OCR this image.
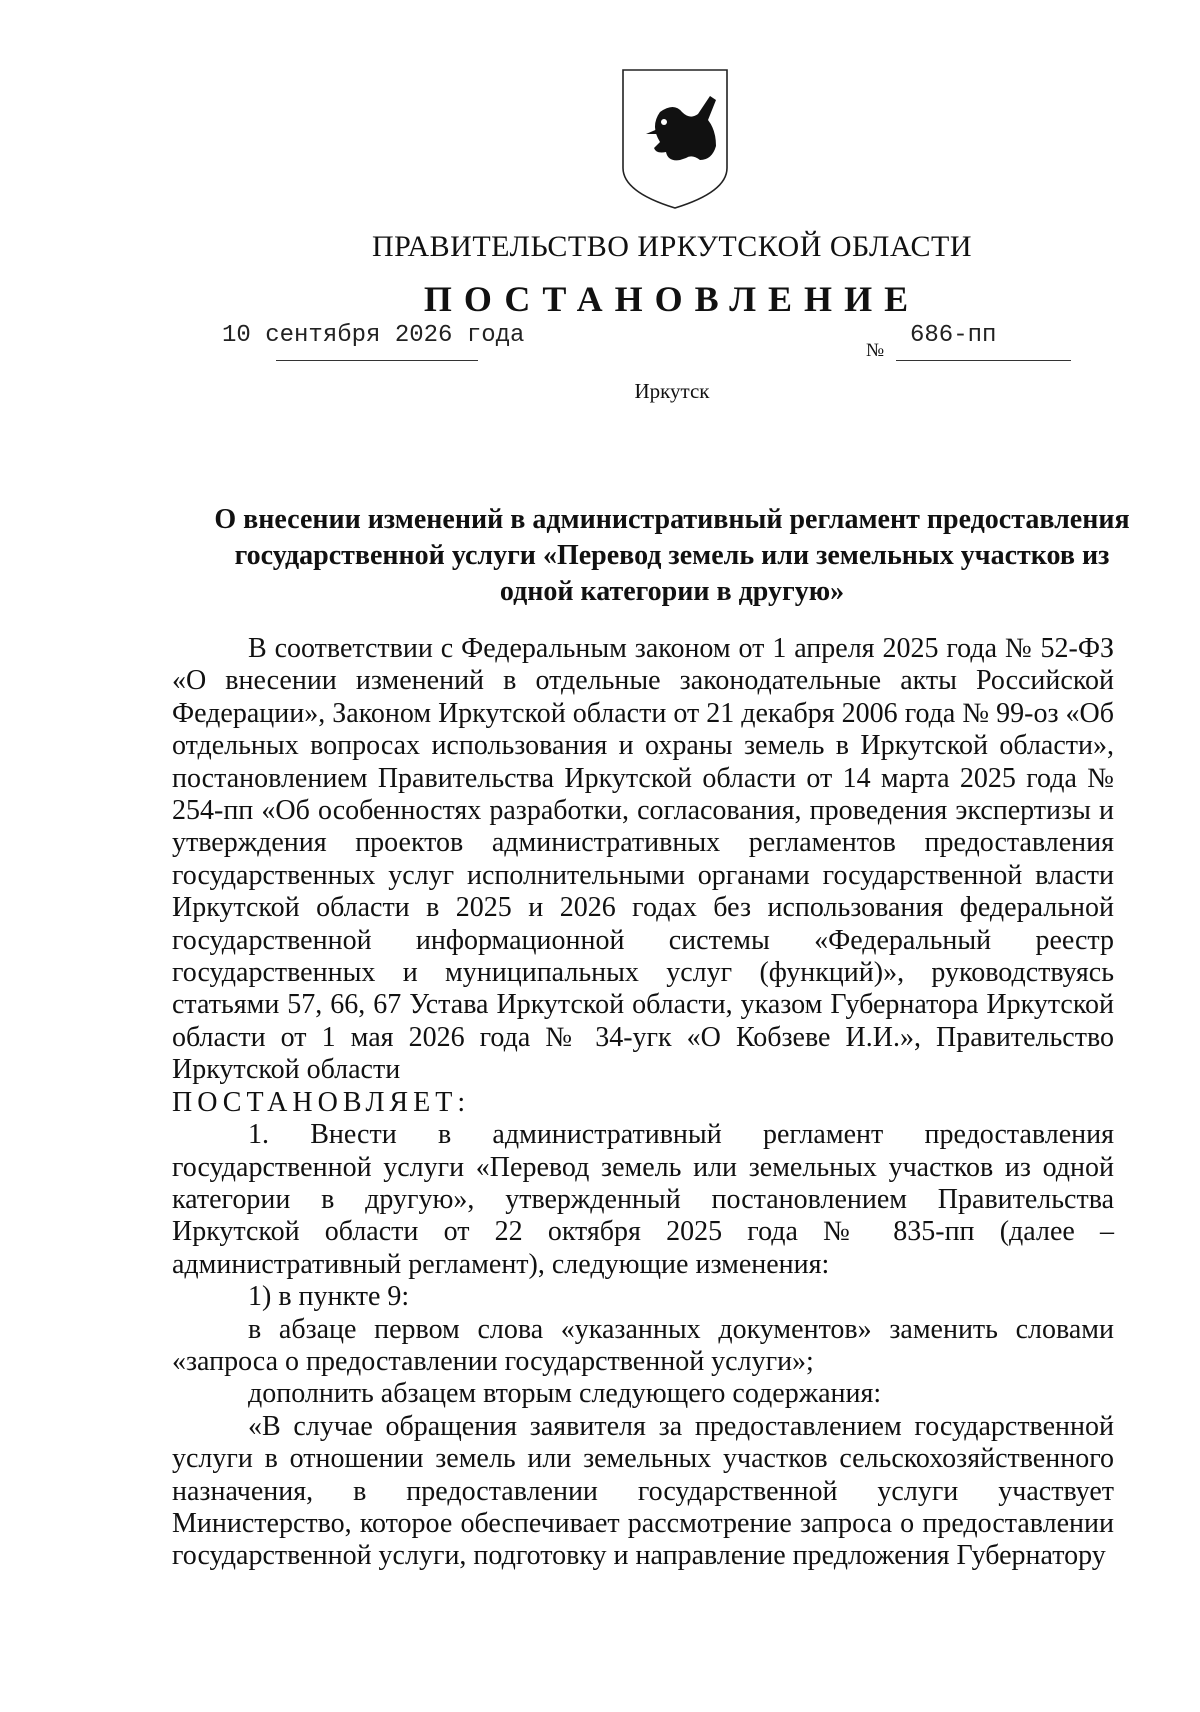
ПРАВИТЕЛЬСТВО ИРКУТСКОЙ ОБЛАСТИ
ПОСТАНОВЛЕНИЕ
10 сентября 2026 года
№
686-пп
Иркутск
О внесении изменений в административный регламент предоставления
государственной услуги «Перевод земель или земельных участков из
одной категории в другую»

В соответствии с Федеральным законом от 1 апреля 2025 года № 52-ФЗ «О внесении изменений в отдельные законодательные акты Российской Федерации», Законом Иркутской области от 21 декабря 2006 года № 99-оз «Об отдельных вопросах использования и охраны земель в Иркутской области», постановлением Правительства Иркутской области от 14 марта 2025 года № 254-пп «Об особенностях разработки, согласования, проведения экспертизы и утверждения проектов административных регламентов предоставления государственных услуг исполнительными органами государственной власти Иркутской области в 2025 и 2026 годах без использования федеральной государственной информационной системы «Федеральный реестр государственных и муниципальных услуг (функций)», руководствуясь статьями 57, 66, 67 Устава Иркутской области, указом Губернатора Иркутской области от 1 мая 2026 года № 34-угк «О Кобзеве И.И.», Правительство Иркутской области

ПОСТАНОВЛЯЕТ:

1. Внести в административный регламент предоставления государственной услуги «Перевод земель или земельных участков из одной категории в другую», утвержденный постановлением Правительства Иркутской области от 22 октября 2025 года № 835-пп (далее – административный регламент), следующие изменения:

1) в пункте 9:

в абзаце первом слова «указанных документов» заменить словами «запроса о предоставлении государственной услуги»;

дополнить абзацем вторым следующего содержания:

«В случае обращения заявителя за предоставлением государственной услуги в отношении земель или земельных участков сельскохозяйственного назначения, в предоставлении государственной услуги участвует Министерство, которое обеспечивает рассмотрение запроса о предоставлении государственной услуги, подготовку и направление предложения Губернатору
